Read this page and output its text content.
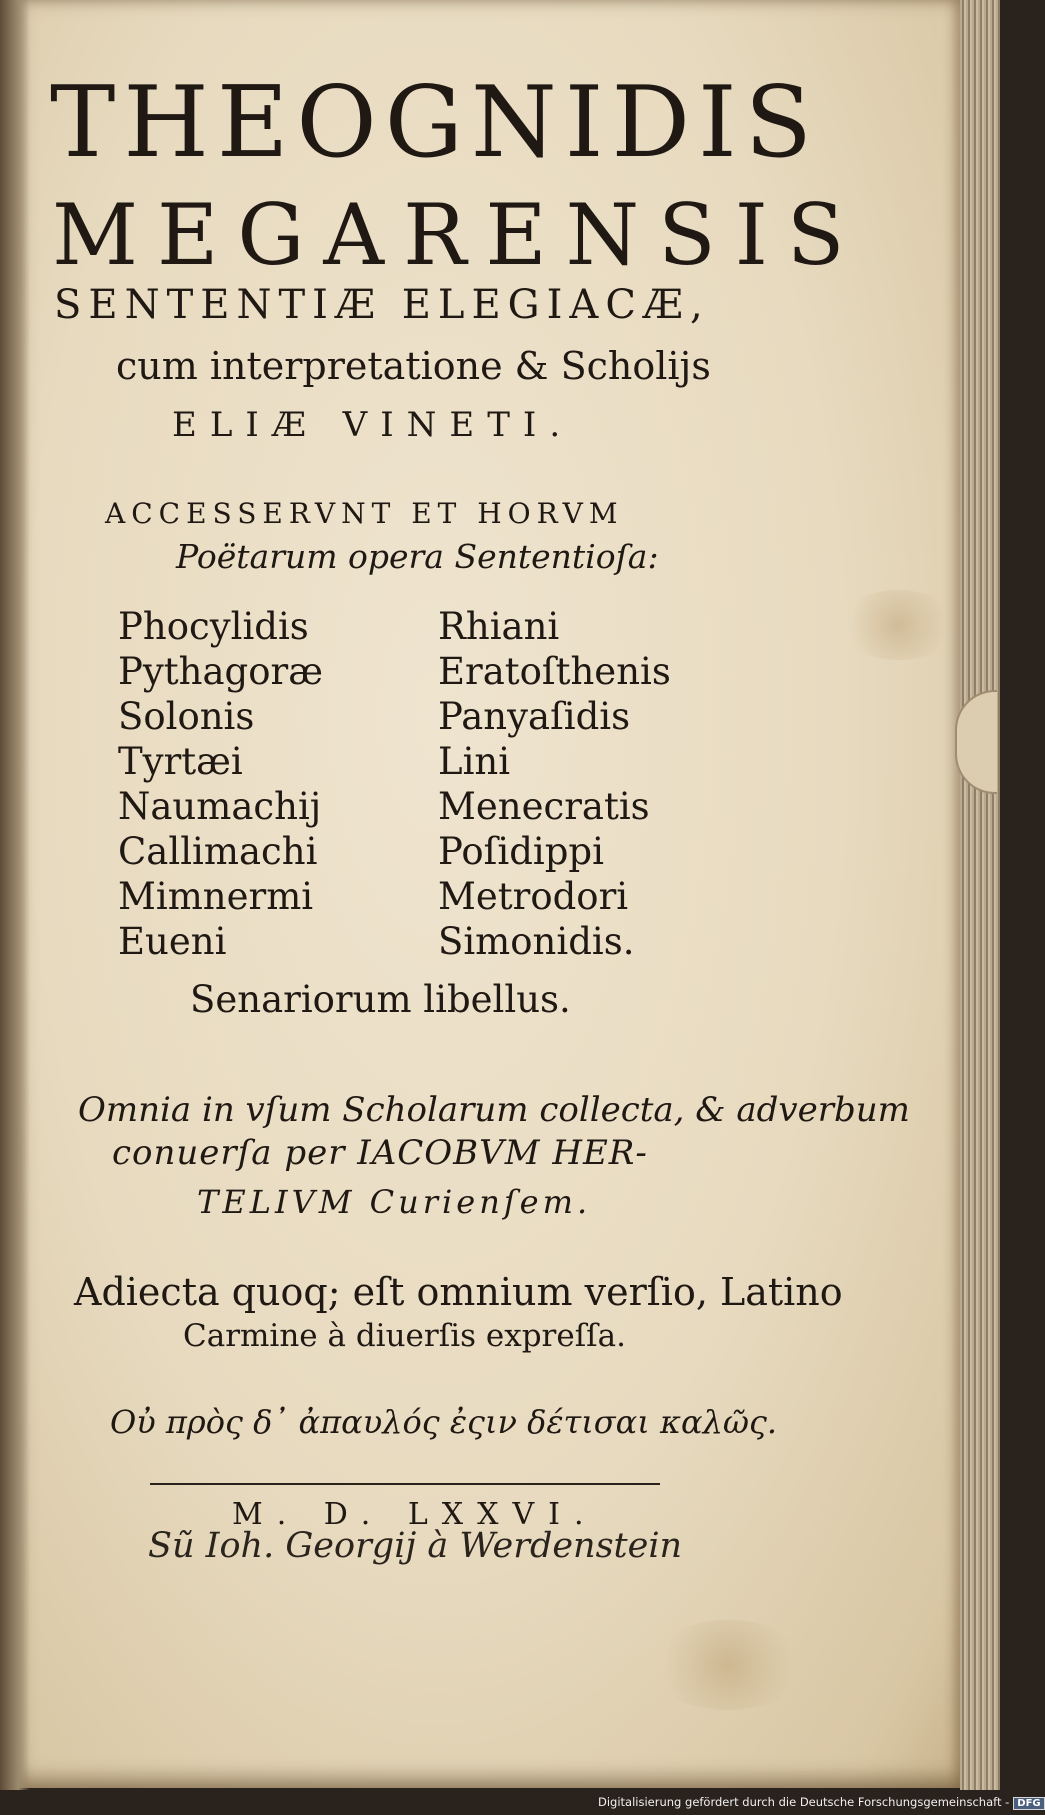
THEOGNIDIS
MEGARENSIS
SENTENTIÆ ELEGIACÆ,
cum interpretatione & Scholijs
ELIÆ VINETI.
ACCESSERVNT ET HORVM
Poëtarum opera Sententioſa:
Phocylidis
Pythagoræ
Solonis
Tyrtæi
Naumachij
Callimachi
Mimnermi
Eueni
Rhiani
Eratoſthenis
Panyaſidis
Lini
Menecratis
Poſidippi
Metrodori
Simonidis.
Senariorum libellus.
Omnia in vſum Scholarum collecta, & adverbum
conuerſa per IACOBVM HER-
TELIVM Curienſem.
Adiecta quoq; eſt omnium verſio, Latino
Carmine à diuerſis expreſſa.
Οὐ πρὸς δ᾿ ἀπαυλός ἐςιν δέτισαι καλῶς.
M. D. LXXVI.
Sũ Ioh. Georgij à Werdenstein
Digitalisierung gefördert durch die Deutsche Forschungsgemeinschaft - DFG
